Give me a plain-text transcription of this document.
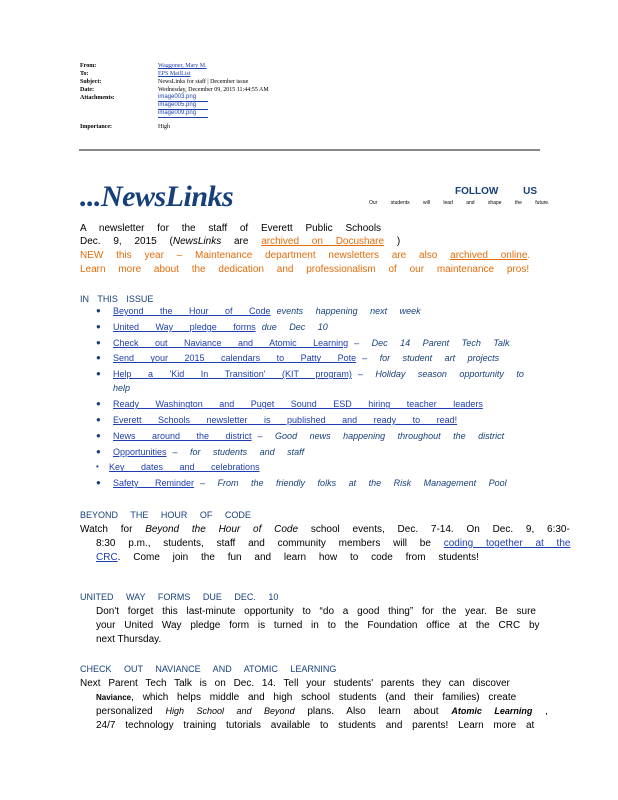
From:	Waggoner, Mary M.
To:	EPS MailList
Subject:	NewsLinks for staff | December issue
Date:	Wednesday, December 09, 2015 11:44:55 AM
Attachments:	image003.png
image005.png
image009.png
Importance:	High
...NewsLinks	FOLLOW US
Our students will lead and shape the future.
A newsletter for the staff of Everett Public Schools
Dec. 9, 2015 (NewsLinks are archived on Docushare )
NEW this year – Maintenance department newsletters are also archived online.
Learn more about the dedication and professionalism of our maintenance pros!
IN THIS ISSUE
●	Beyond the Hour of Code events happening next week
●	United Way pledge forms due Dec 10
●	Check out Naviance and Atomic Learning – Dec 14 Parent Tech Talk
●	Send your 2015 calendars to Patty Pote – for student art projects
●	Help a 'Kid In Transition' (KIT program) – Holiday season opportunity to
help
●	Ready Washington and Puget Sound ESD hiring teacher leaders
●	Everett Schools newsletter is published and ready to read!
●	News around the district – Good news happening throughout the district
●	Opportunities – for students and staff
•	Key dates and celebrations
●	Safety Reminder – From the friendly folks at the Risk Management Pool
BEYOND THE HOUR OF CODE
Watch for Beyond the Hour of Code school events, Dec. 7-14. On Dec. 9, 6:30-
8:30 p.m., students, staff and community members will be coding together at the
CRC. Come join the fun and learn how to code from students!
UNITED WAY FORMS DUE DEC. 10
Don't forget this last-minute opportunity to “do a good thing” for the year. Be sure
your United Way pledge form is turned in to the Foundation office at the CRC by
next Thursday.
CHECK OUT NAVIANCE AND ATOMIC LEARNING
Next Parent Tech Talk is on Dec. 14. Tell your students' parents they can discover
Naviance, which helps middle and high school students (and their families) create
personalized High School and Beyond plans. Also learn about Atomic Learning ,
24/7 technology training tutorials available to students and parents! Learn more at
